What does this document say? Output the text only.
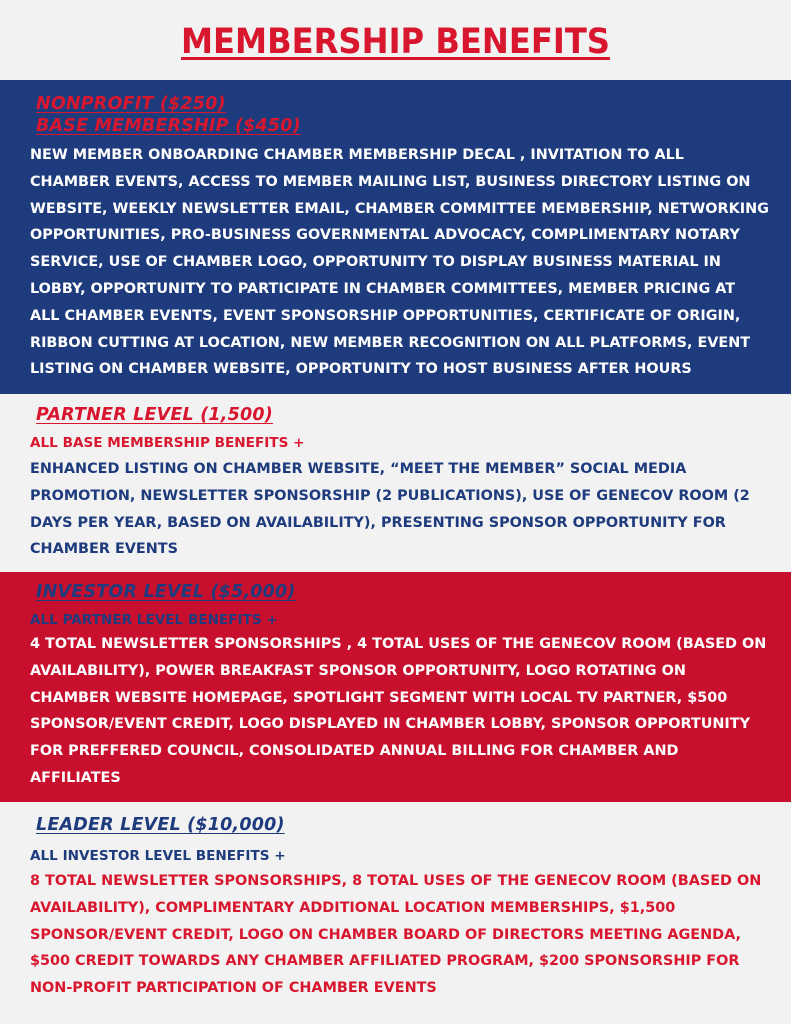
MEMBERSHIP BENEFITS
NONPROFIT ($250)
BASE MEMBERSHIP ($450)
NEW MEMBER ONBOARDING CHAMBER MEMBERSHIP DECAL , INVITATION TO ALL
CHAMBER EVENTS, ACCESS TO MEMBER MAILING LIST, BUSINESS DIRECTORY LISTING ON
WEBSITE, WEEKLY NEWSLETTER EMAIL, CHAMBER COMMITTEE MEMBERSHIP, NETWORKING
OPPORTUNITIES, PRO-BUSINESS GOVERNMENTAL ADVOCACY, COMPLIMENTARY NOTARY
SERVICE, USE OF CHAMBER LOGO, OPPORTUNITY TO DISPLAY BUSINESS MATERIAL IN
LOBBY, OPPORTUNITY TO PARTICIPATE IN CHAMBER COMMITTEES, MEMBER PRICING AT
ALL CHAMBER EVENTS, EVENT SPONSORSHIP OPPORTUNITIES, CERTIFICATE OF ORIGIN,
RIBBON CUTTING AT LOCATION, NEW MEMBER RECOGNITION ON ALL PLATFORMS, EVENT
LISTING ON CHAMBER WEBSITE, OPPORTUNITY TO HOST BUSINESS AFTER HOURS
PARTNER LEVEL (1,500)
ALL BASE MEMBERSHIP BENEFITS +
ENHANCED LISTING ON CHAMBER WEBSITE, “MEET THE MEMBER” SOCIAL MEDIA
PROMOTION, NEWSLETTER SPONSORSHIP (2 PUBLICATIONS), USE OF GENECOV ROOM (2
DAYS PER YEAR, BASED ON AVAILABILITY), PRESENTING SPONSOR OPPORTUNITY FOR
CHAMBER EVENTS
INVESTOR LEVEL ($5,000)
ALL PARTNER LEVEL BENEFITS +
4 TOTAL NEWSLETTER SPONSORSHIPS , 4 TOTAL USES OF THE GENECOV ROOM (BASED ON
AVAILABILITY), POWER BREAKFAST SPONSOR OPPORTUNITY, LOGO ROTATING ON
CHAMBER WEBSITE HOMEPAGE, SPOTLIGHT SEGMENT WITH LOCAL TV PARTNER, $500
SPONSOR/EVENT CREDIT, LOGO DISPLAYED IN CHAMBER LOBBY, SPONSOR OPPORTUNITY
FOR PREFFERED COUNCIL, CONSOLIDATED ANNUAL BILLING FOR CHAMBER AND
AFFILIATES
LEADER LEVEL ($10,000)
ALL INVESTOR LEVEL BENEFITS +
8 TOTAL NEWSLETTER SPONSORSHIPS, 8 TOTAL USES OF THE GENECOV ROOM (BASED ON
AVAILABILITY), COMPLIMENTARY ADDITIONAL LOCATION MEMBERSHIPS, $1,500
SPONSOR/EVENT CREDIT, LOGO ON CHAMBER BOARD OF DIRECTORS MEETING AGENDA,
$500 CREDIT TOWARDS ANY CHAMBER AFFILIATED PROGRAM, $200 SPONSORSHIP FOR
NON-PROFIT PARTICIPATION OF CHAMBER EVENTS
